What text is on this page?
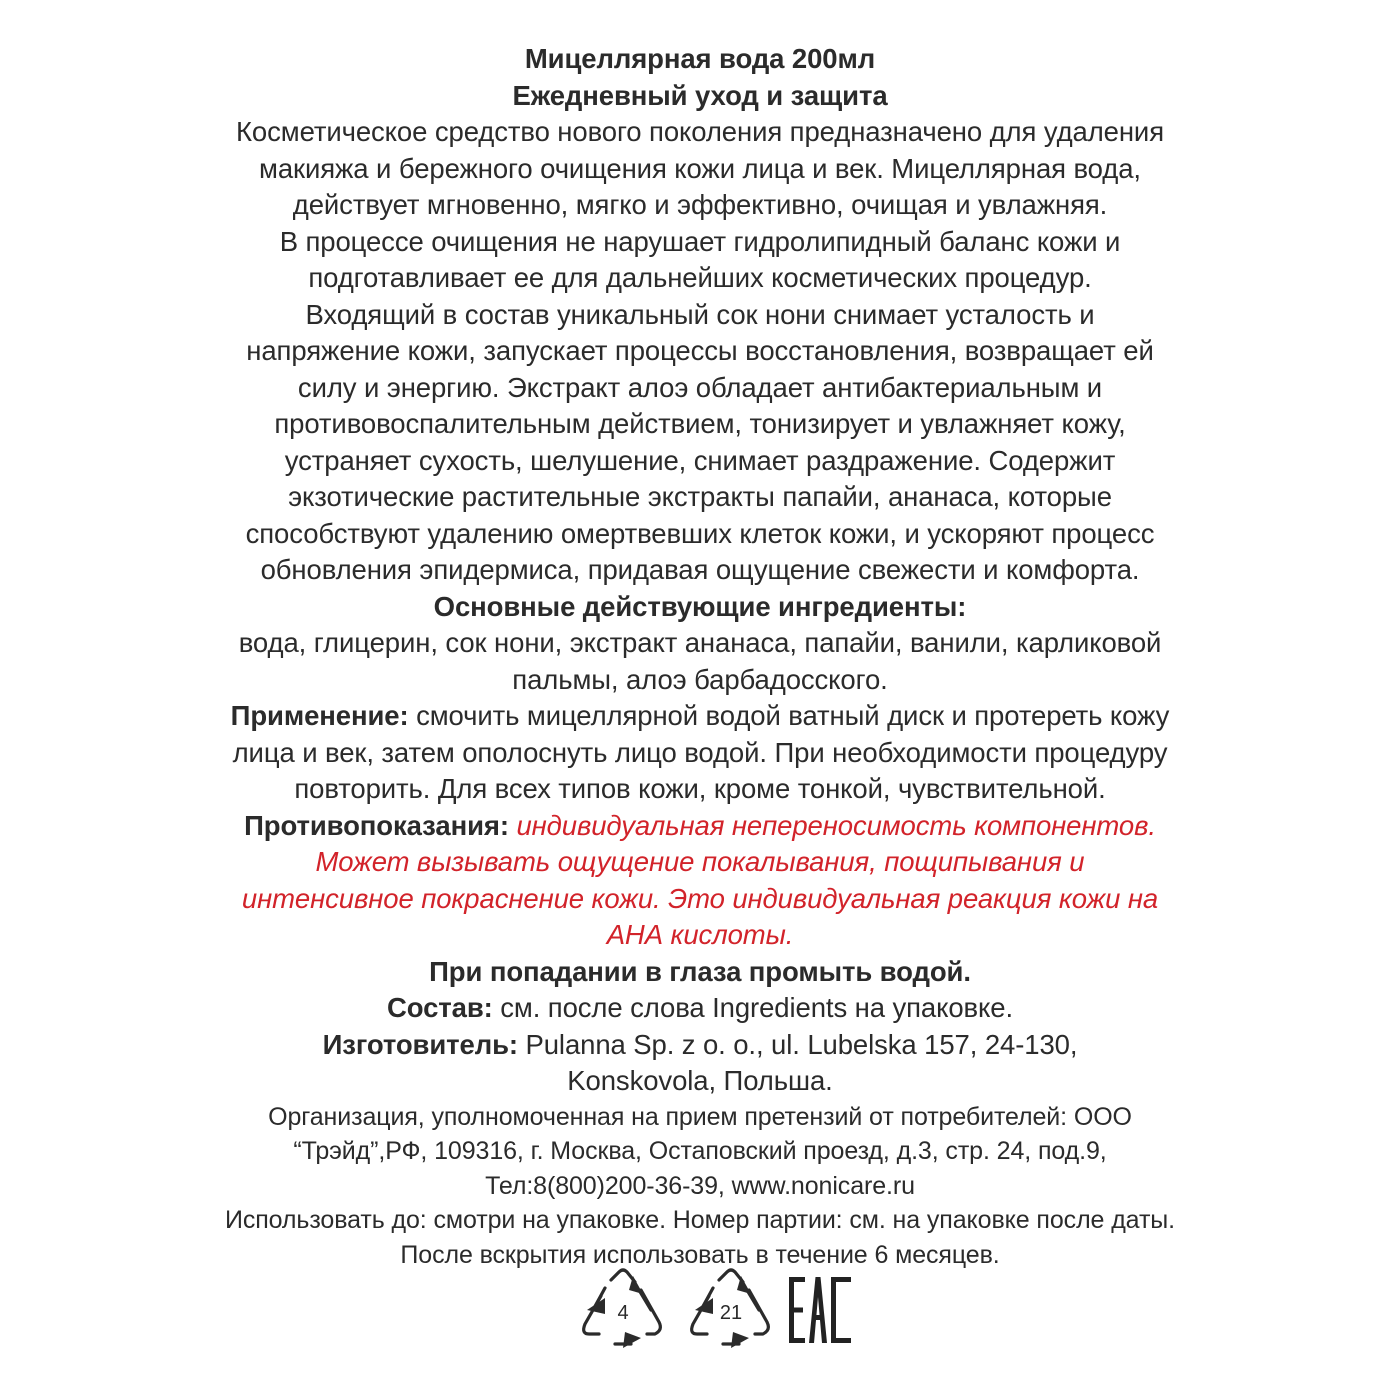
Мицеллярная вода 200мл
Ежедневный уход и защита
Косметическое средство нового поколения предназначено для удаления
макияжа и бережного очищения кожи лица и век. Мицеллярная вода,
действует мгновенно, мягко и эффективно, очищая и увлажняя.
В процессе очищения не нарушает гидролипидный баланс кожи и
подготавливает ее для дальнейших косметических процедур.
Входящий в состав уникальный сок нони снимает усталость и
напряжение кожи, запускает процессы восстановления, возвращает ей
силу и энергию. Экстракт алоэ обладает антибактериальным и
противовоспалительным действием, тонизирует и увлажняет кожу,
устраняет сухость, шелушение, снимает раздражение. Содержит
экзотические растительные экстракты папайи, ананаса, которые
способствуют удалению омертвевших клеток кожи, и ускоряют процесс
обновления эпидермиса, придавая ощущение свежести и комфорта.
Основные действующие ингредиенты:
вода, глицерин, сок нони, экстракт ананаса, папайи, ванили, карликовой
пальмы, алоэ барбадосского.
Применение: смочить мицеллярной водой ватный диск и протереть кожу
лица и век, затем ополоснуть лицо водой. При необходимости процедуру
повторить. Для всех типов кожи, кроме тонкой, чувствительной.
Противопоказания: индивидуальная непереносимость компонентов.
Может вызывать ощущение покалывания, пощипывания и
интенсивное покраснение кожи. Это индивидуальная реакция кожи на
АНА кислоты.
При попадании в глаза промыть водой.
Состав: см. после слова Ingredients на упаковке.
Изготовитель: Pulanna Sp. z o. o., ul. Lubelska 157, 24-130,
Konskovola, Польша.
Организация, уполномоченная на прием претензий от потребителей: ООО
“Трэйд”,РФ, 109316, г. Москва, Остаповский проезд, д.3, стр. 24, под.9,
Тел:8(800)200-36-39, www.nonicare.ru
Использовать до: смотри на упаковке. Номер партии: см. на упаковке после даты.
После вскрытия использовать в течение 6 месяцев.
4	21
